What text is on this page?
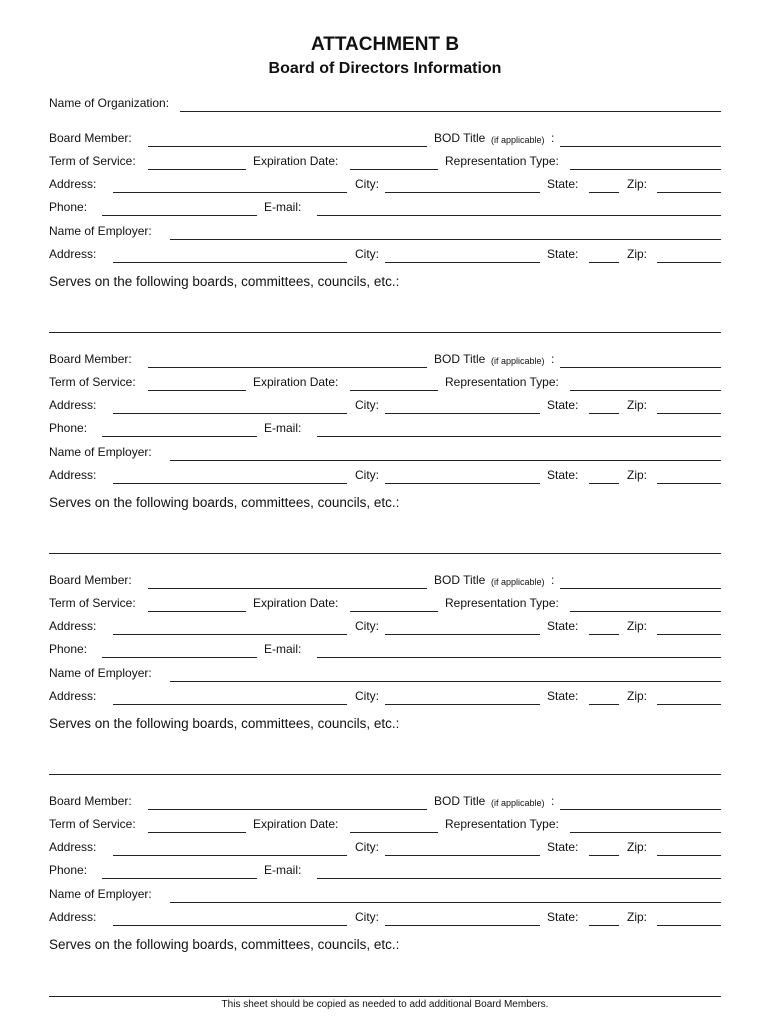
ATTACHMENT B
Board of Directors Information
Name of Organization:
Board Member:	BOD Title (if applicable) :
Term of Service:	Expiration Date:	Representation Type:
Address:	City:	State:	Zip:
Phone:	E-mail:
Name of Employer:
Address:	City:	State:	Zip:
Serves on the following boards, committees, councils, etc.:
Board Member:	BOD Title (if applicable) :
Term of Service:	Expiration Date:	Representation Type:
Address:	City:	State:	Zip:
Phone:	E-mail:
Name of Employer:
Address:	City:	State:	Zip:
Serves on the following boards, committees, councils, etc.:
Board Member:	BOD Title (if applicable) :
Term of Service:	Expiration Date:	Representation Type:
Address:	City:	State:	Zip:
Phone:	E-mail:
Name of Employer:
Address:	City:	State:	Zip:
Serves on the following boards, committees, councils, etc.:
Board Member:	BOD Title (if applicable) :
Term of Service:	Expiration Date:	Representation Type:
Address:	City:	State:	Zip:
Phone:	E-mail:
Name of Employer:
Address:	City:	State:	Zip:
Serves on the following boards, committees, councils, etc.:
This sheet should be copied as needed to add additional Board Members.
